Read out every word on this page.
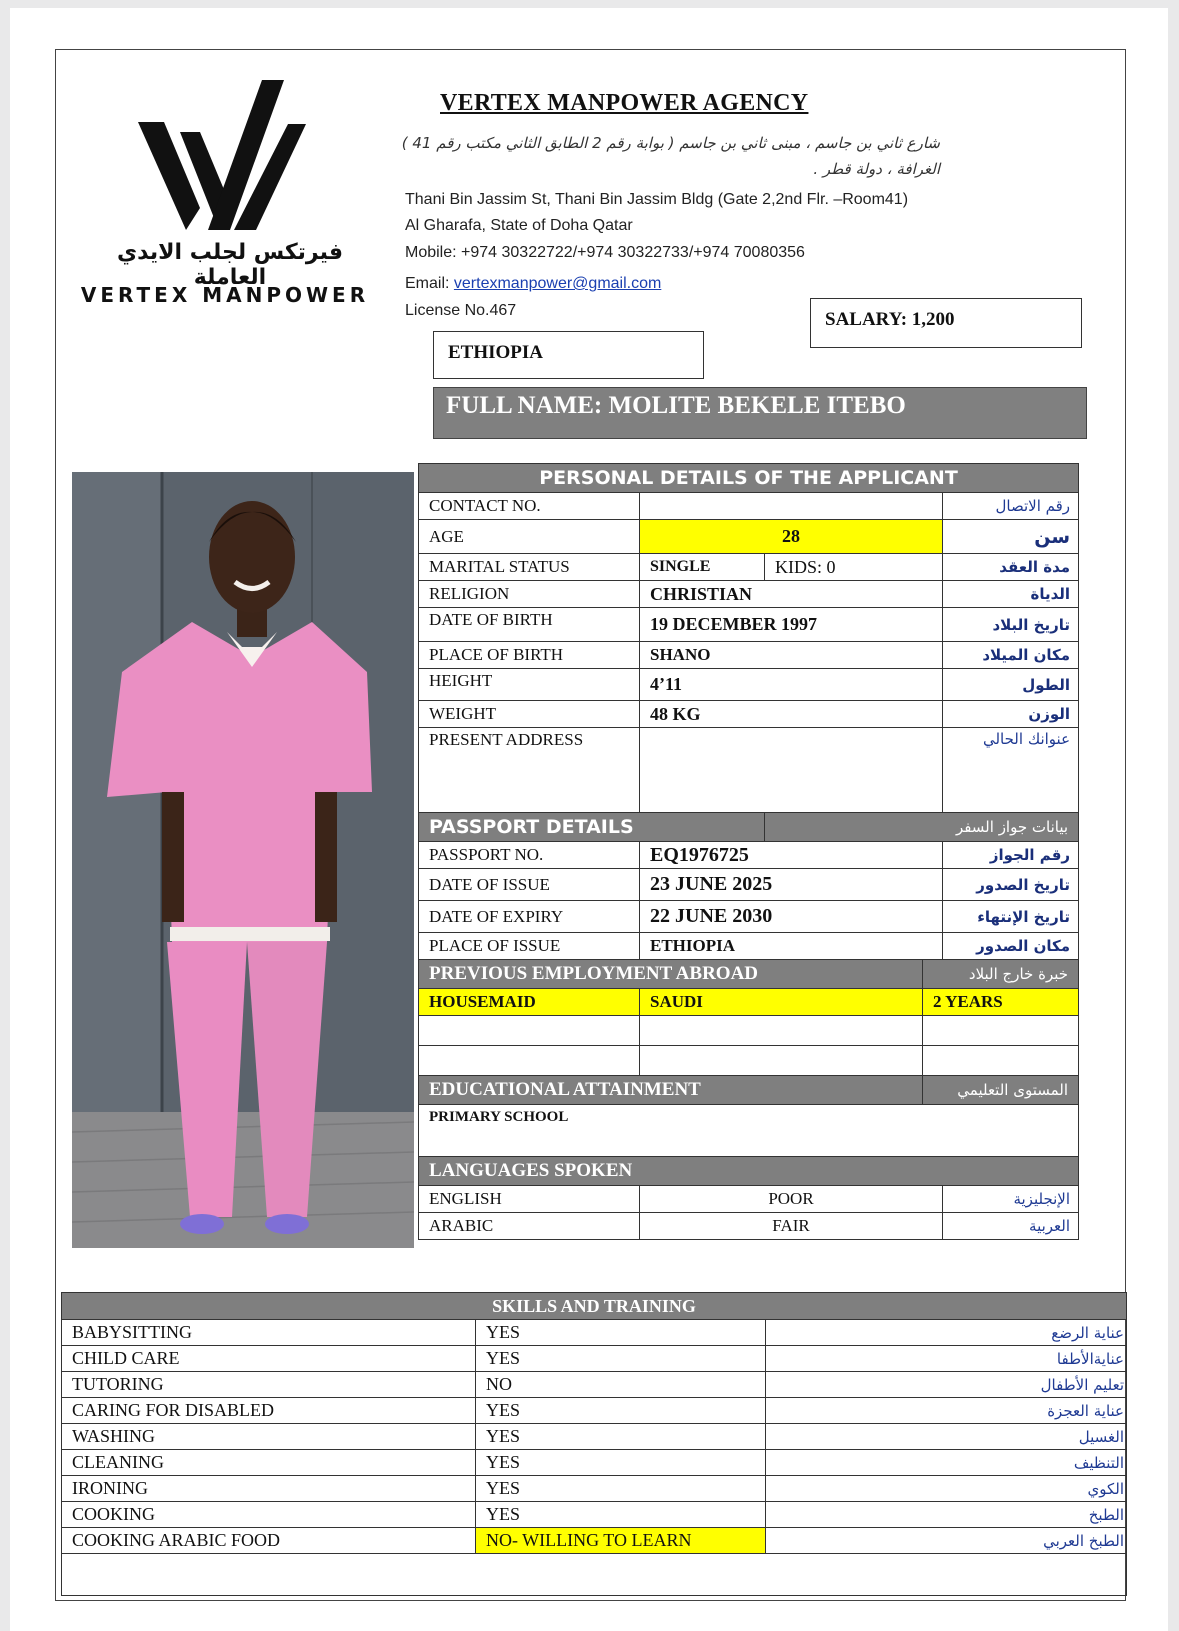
فيرتكس لجلب الايدي العاملة
VERTEX MANPOWER
VERTEX MANPOWER AGENCY
شارع ثاني بن جاسم ، مبنى ثاني بن جاسم ( بوابة رقم 2 الطابق الثاني مكتب رقم 41 )
الغرافة ، دولة قطر .
Thani Bin Jassim St, Thani Bin Jassim Bldg (Gate 2,2nd Flr. –Room41)
Al Gharafa, State of Doha Qatar
Mobile: +974 30322722/+974 30322733/+974 70080356
Email: vertexmanpower@gmail.com
License No.467	SALARY: 1,200
ETHIOPIA
FULL NAME: MOLITE BEKELE ITEBO
PERSONAL DETAILS OF THE APPLICANT				
CONTACT NO.				رقم الاتصال
AGE	28			سن
MARITAL STATUS	SINGLE	KIDS: 0		مدة العقد
RELIGION	CHRISTIAN			الدياة
DATE OF BIRTH	19 DECEMBER 1997			تاريخ البلاد
PLACE OF BIRTH	SHANO			مكان الميلاد
HEIGHT	4’11			الطول
WEIGHT	48 KG			الوزن
PRESENT ADDRESS				عنوانك الحالي
PASSPORT DETAILS		بيانات جواز السفر		
PASSPORT NO.	EQ1976725			رقم الجواز
DATE OF ISSUE	23 JUNE 2025			تاريخ الصدور
DATE OF EXPIRY	22 JUNE 2030			تاريخ الإنتهاء
PLACE OF ISSUE	ETHIOPIA			مكان الصدور
PREVIOUS EMPLOYMENT ABROAD			خبرة خارج البلاد	
HOUSEMAID	SAUDI		2 YEARS	

EDUCATIONAL ATTAINMENT			المستوى التعليمي	
PRIMARY SCHOOL				
LANGUAGES SPOKEN				
ENGLISH	POOR			الإنجليزية
ARABIC	FAIR			العربية
SKILLS AND TRAINING		
BABYSITTING	YES	عناية الرضع
CHILD CARE	YES	عنايةالأطفا
TUTORING	NO	تعليم الأطفال
CARING FOR DISABLED	YES	عناية العجزة
WASHING	YES	الغسيل
CLEANING	YES	التنظيف
IRONING	YES	الكوي
COOKING	YES	الطبخ
COOKING ARABIC FOOD	NO- WILLING TO LEARN	الطبخ العربي
